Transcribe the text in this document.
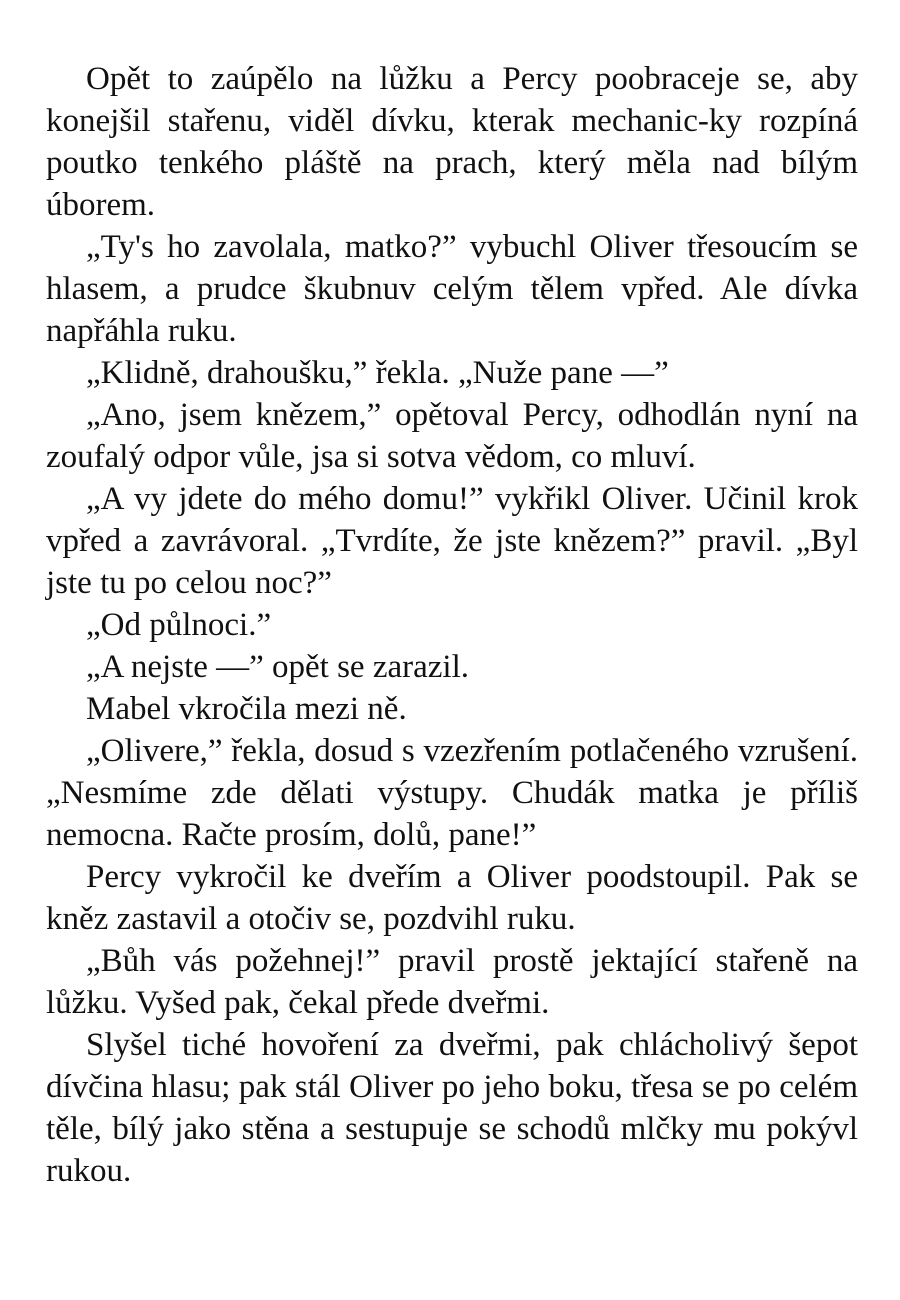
Opět to zaúpělo na lůžku a Percy poobraceje se, aby konejšil stařenu, viděl dívku, kterak mechanic-ky rozpíná poutko tenkého pláště na prach, který měla nad bílým úborem.

„Ty's ho zavolala, matko?” vybuchl Oliver třesoucím se hlasem, a prudce škubnuv celým tělem vpřed. Ale dívka napřáhla ruku.

„Klidně, drahoušku,” řekla. „Nuže pane —”

„Ano, jsem knězem,” opětoval Percy, odhodlán nyní na zoufalý odpor vůle, jsa si sotva vědom, co mluví.

„A vy jdete do mého domu!” vykřikl Oliver. Učinil krok vpřed a zavrávoral. „Tvrdíte, že jste knězem?” pravil. „Byl jste tu po celou noc?”

„Od půlnoci.”

„A nejste —” opět se zarazil.

Mabel vkročila mezi ně.

„Olivere,” řekla, dosud s vzezřením potlačeného vzrušení. „Nesmíme zde dělati výstupy. Chudák matka je příliš nemocna. Račte prosím, dolů, pane!”

Percy vykročil ke dveřím a Oliver poodstoupil. Pak se kněz zastavil a otočiv se, pozdvihl ruku.

„Bůh vás požehnej!” pravil prostě jektající stařeně na lůžku. Vyšed pak, čekal přede dveřmi.

Slyšel tiché hovoření za dveřmi, pak chlácholivý šepot dívčina hlasu; pak stál Oliver po jeho boku, třesa se po celém těle, bílý jako stěna a sestupuje se schodů mlčky mu pokývl rukou.
